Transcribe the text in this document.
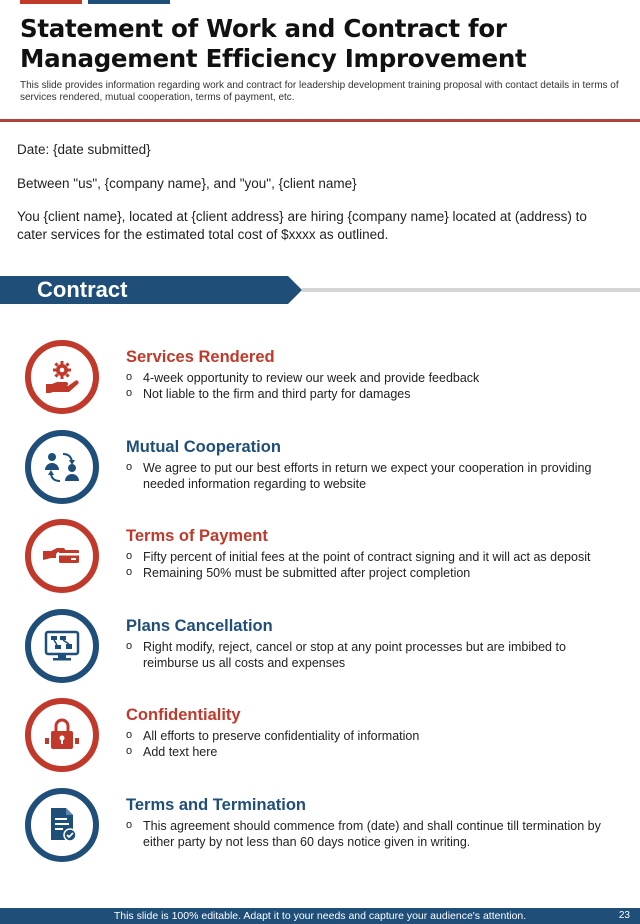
Statement of Work and Contract for
Management Efficiency Improvement
This slide provides information regarding work and contract for leadership development training proposal with contact details in terms of services rendered, mutual cooperation, terms of payment, etc.
Date: {date submitted}
Between "us", {company name}, and "you", {client name}
You {client name}, located at {client address} are hiring {company name} located at (address) to
cater services for the estimated total cost of $xxxx as outlined.
Contract
Services Rendered
o 4-week opportunity to review our week and provide feedback
o Not liable to the firm and third party for damages
Mutual Cooperation
o We agree to put our best efforts in return we expect your cooperation in providing needed information regarding to website
Terms of Payment
o Fifty percent of initial fees at the point of contract signing and it will act as deposit
o Remaining 50% must be submitted after project completion
Plans Cancellation
o Right modify, reject, cancel or stop at any point processes but are imbibed to reimburse us all costs and expenses
Confidentiality
o All efforts to preserve confidentiality of information
o Add text here
Terms and Termination
o This agreement should commence from (date) and shall continue till termination by either party by not less than 60 days notice given in writing.
This slide is 100% editable. Adapt it to your needs and capture your audience's attention.	23
